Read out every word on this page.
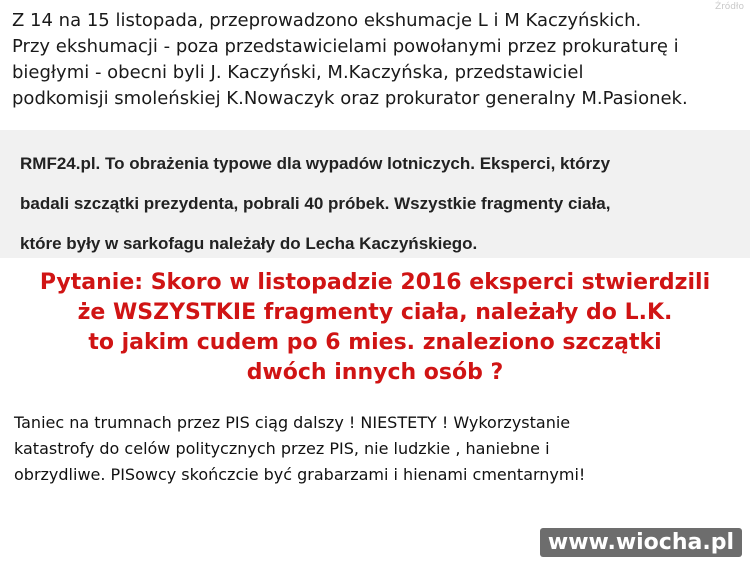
Z 14 na 15 listopada, przeprowadzono ekshumacje L i M Kaczyńskich.
Przy ekshumacji - poza przedstawicielami powołanymi przez prokuraturę i
biegłymi - obecni byli J. Kaczyński, M.Kaczyńska, przedstawiciel
podkomisji smoleńskiej K.Nowaczyk oraz prokurator generalny M.Pasionek.
RMF24.pl. To obrażenia typowe dla wypadów lotniczych. Eksperci, którzy
badali szczątki prezydenta, pobrali 40 próbek. Wszystkie fragmenty ciała,
które były w sarkofagu należały do Lecha Kaczyńskiego.
Pytanie: Skoro w listopadzie 2016 eksperci stwierdzili
że WSZYSTKIE fragmenty ciała, należały do L.K.
to jakim cudem po 6 mies. znaleziono szczątki
dwóch innych osób ?
Taniec na trumnach przez PIS ciąg dalszy ! NIESTETY ! Wykorzystanie
katastrofy do celów politycznych przez PIS, nie ludzkie , haniebne i
obrzydliwe. PISowcy skończcie być grabarzami i hienami cmentarnymi!
Źródło
www.wiocha.pl
